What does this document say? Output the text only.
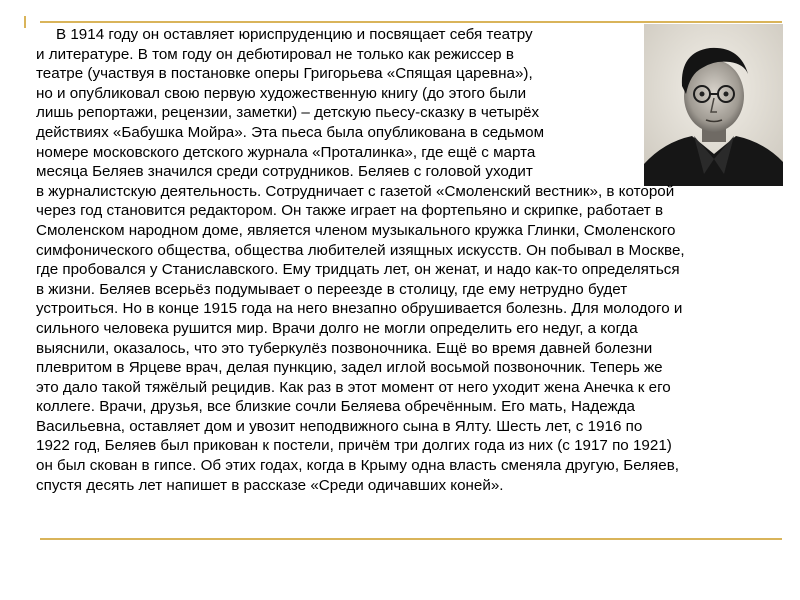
В 1914 году он оставляет юриспруденцию и посвящает себя театру
и литературе. В том году он дебютировал не только как режиссер в
театре (участвуя в постановке оперы Григорьева «Спящая царевна»),
но и опубликовал свою первую художественную книгу (до этого были
лишь репортажи, рецензии, заметки) – детскую пьесу-сказку в четырёх
действиях «Бабушка Мойра». Эта пьеса была опубликована в седьмом
номере московского детского журнала «Проталинка», где ещё с марта
месяца Беляев значился среди сотрудников. Беляев с головой уходит
в журналистскую деятельность. Сотрудничает с газетой «Смоленский вестник», в которой
через год становится редактором. Он также играет на фортепьяно и скрипке, работает в
Смоленском народном доме, является членом музыкального кружка Глинки, Смоленского
симфонического общества, общества любителей изящных искусств. Он побывал в Москве,
где пробовался у Станиславского. Ему тридцать лет, он женат, и надо как-то определяться
в жизни. Беляев всерьёз подумывает о переезде в столицу, где ему нетрудно будет
устроиться. Но в конце 1915 года на него внезапно обрушивается болезнь. Для молодого и
сильного человека рушится мир. Врачи долго не могли определить его недуг, а когда
выяснили, оказалось, что это туберкулёз позвоночника. Ещё во время давней болезни
плевритом в Ярцеве врач, делая пункцию, задел иглой восьмой позвоночник. Теперь же
это дало такой тяжёлый рецидив. Как раз в этот момент от него уходит жена Анечка к его
коллеге. Врачи, друзья, все близкие сочли Беляева обречённым. Его мать, Надежда
Васильевна, оставляет дом и увозит неподвижного сына в Ялту. Шесть лет, с 1916 по
1922 год, Беляев был прикован к постели, причём три долгих года из них (с 1917 по 1921)
он был скован в гипсе. Об этих годах, когда в Крыму одна власть сменяла другую, Беляев,
спустя десять лет напишет в рассказе «Среди одичавших коней».
